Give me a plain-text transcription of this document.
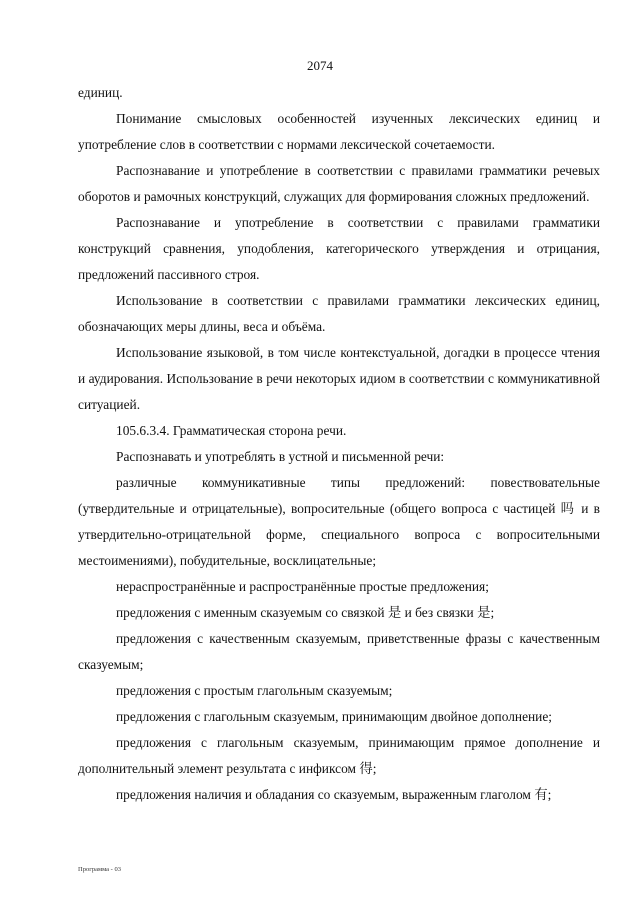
2074

единиц.

Понимание смысловых особенностей изученных лексических единиц и употребление слов в соответствии с нормами лексической сочетаемости.

Распознавание и употребление в соответствии с правилами грамматики речевых оборотов и рамочных конструкций, служащих для формирования сложных предложений.

Распознавание и употребление в соответствии с правилами грамматики конструкций сравнения, уподобления, категорического утверждения и отрицания, предложений пассивного строя.

Использование в соответствии с правилами грамматики лексических единиц, обозначающих меры длины, веса и объёма.

Использование языковой, в том числе контекстуальной, догадки в процессе чтения и аудирования. Использование в речи некоторых идиом в соответствии с коммуникативной ситуацией.

105.6.3.4. Грамматическая сторона речи.

Распознавать и употреблять в устной и письменной речи:

различные коммуникативные типы предложений: повествовательные (утвердительные и отрицательные), вопросительные (общего вопроса с частицей 吗 и в утвердительно-отрицательной форме, специального вопроса с вопросительными местоимениями), побудительные, восклицательные;

нераспространённые и распространённые простые предложения;

предложения с именным сказуемым со связкой 是 и без связки 是;

предложения с качественным сказуемым, приветственные фразы с качественным сказуемым;

предложения с простым глагольным сказуемым;

предложения с глагольным сказуемым, принимающим двойное дополнение;

предложения с глагольным сказуемым, принимающим прямое дополнение и дополнительный элемент результата с инфиксом 得;

предложения наличия и обладания со сказуемым, выраженным глаголом 有;

Программа - 03
